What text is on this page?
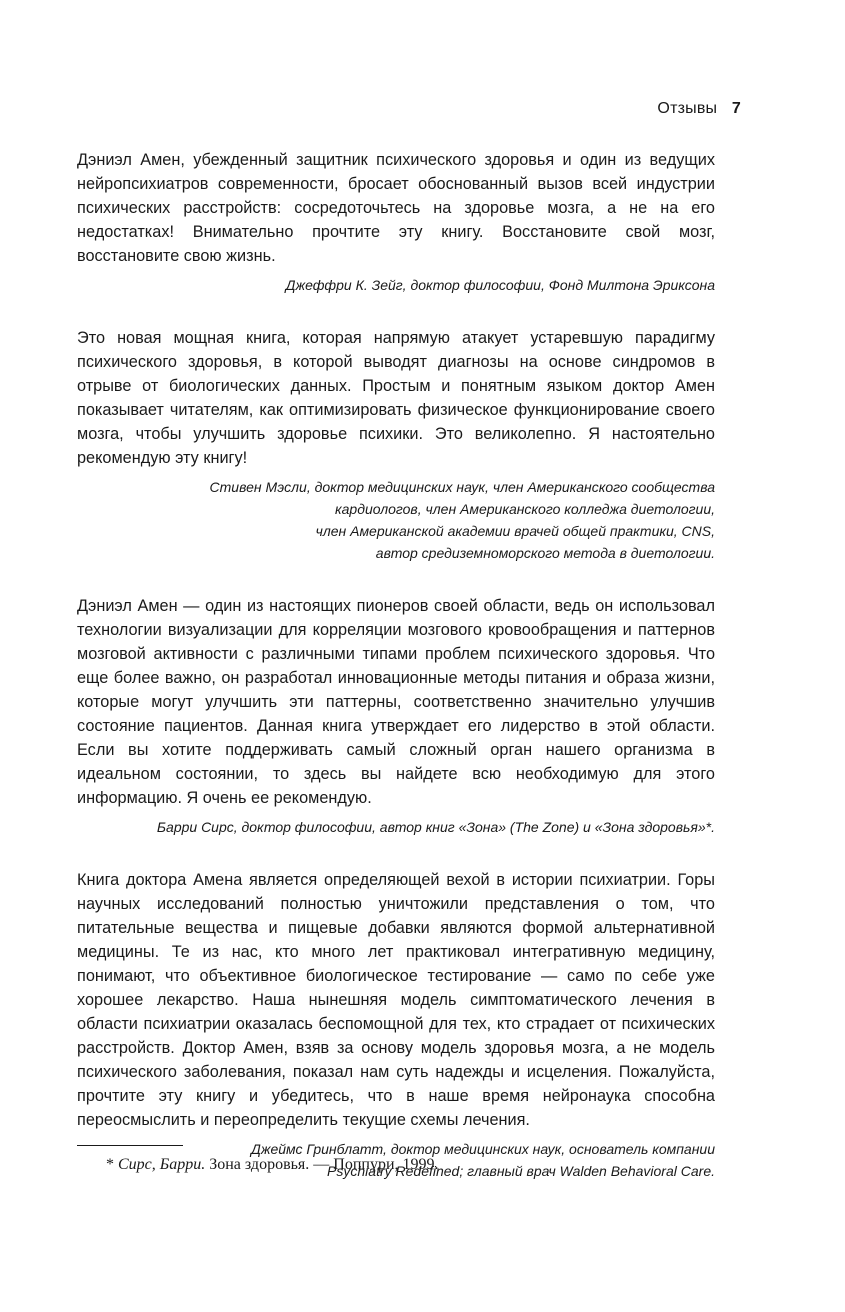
Отзывы 7

Дэниэл Амен, убежденный защитник психического здоровья и один из ведущих нейропсихиатров современности, бросает обоснованный вызов всей индустрии психических расстройств: сосредоточьтесь на здоровье мозга, а не на его недостатках! Внимательно прочтите эту книгу. Восстановите свой мозг, восстановите свою жизнь.

Джеффри К. Зейг, доктор философии, Фонд Милтона Эриксона

Это новая мощная книга, которая напрямую атакует устаревшую парадигму психического здоровья, в которой выводят диагнозы на основе синдромов в отрыве от биологических данных. Простым и понятным языком доктор Амен показывает читателям, как оптимизировать физическое функционирование своего мозга, чтобы улучшить здоровье психики. Это великолепно. Я настоятельно рекомендую эту книгу!

Стивен Мэсли, доктор медицинских наук, член Американского сообщества
кардиологов, член Американского колледжа диетологии,
член Американской академии врачей общей практики, CNS,
автор средиземноморского метода в диетологии.

Дэниэл Амен — один из настоящих пионеров своей области, ведь он использовал технологии визуализации для корреляции мозгового кровообращения и паттернов мозговой активности с различными типами проблем психического здоровья. Что еще более важно, он разработал инновационные методы питания и образа жизни, которые могут улучшить эти паттерны, соответственно значительно улучшив состояние пациентов. Данная книга утверждает его лидерство в этой области. Если вы хотите поддерживать самый сложный орган нашего организма в идеальном состоянии, то здесь вы найдете всю необходимую для этого информацию. Я очень ее рекомендую.

Барри Сирс, доктор философии, автор книг «Зона» (The Zone) и «Зона здоровья»*.

Книга доктора Амена является определяющей вехой в истории психиатрии. Горы научных исследований полностью уничтожили представления о том, что питательные вещества и пищевые добавки являются формой альтернативной медицины. Те из нас, кто много лет практиковал интегративную медицину, понимают, что объективное биологическое тестирование — само по себе уже хорошее лекарство. Наша нынешняя модель симптоматического лечения в области психиатрии оказалась беспомощной для тех, кто страдает от психических расстройств. Доктор Амен, взяв за основу модель здоровья мозга, а не модель психического заболевания, показал нам суть надежды и исцеления. Пожалуйста, прочтите эту книгу и убедитесь, что в наше время нейронаука способна переосмыслить и переопределить текущие схемы лечения.

Джеймс Гринблатт, доктор медицинских наук, основатель компании
Psychiatry Redefined; главный врач Walden Behavioral Care.

* Сирс, Барри. Зона здоровья. — Поппури, 1999.
